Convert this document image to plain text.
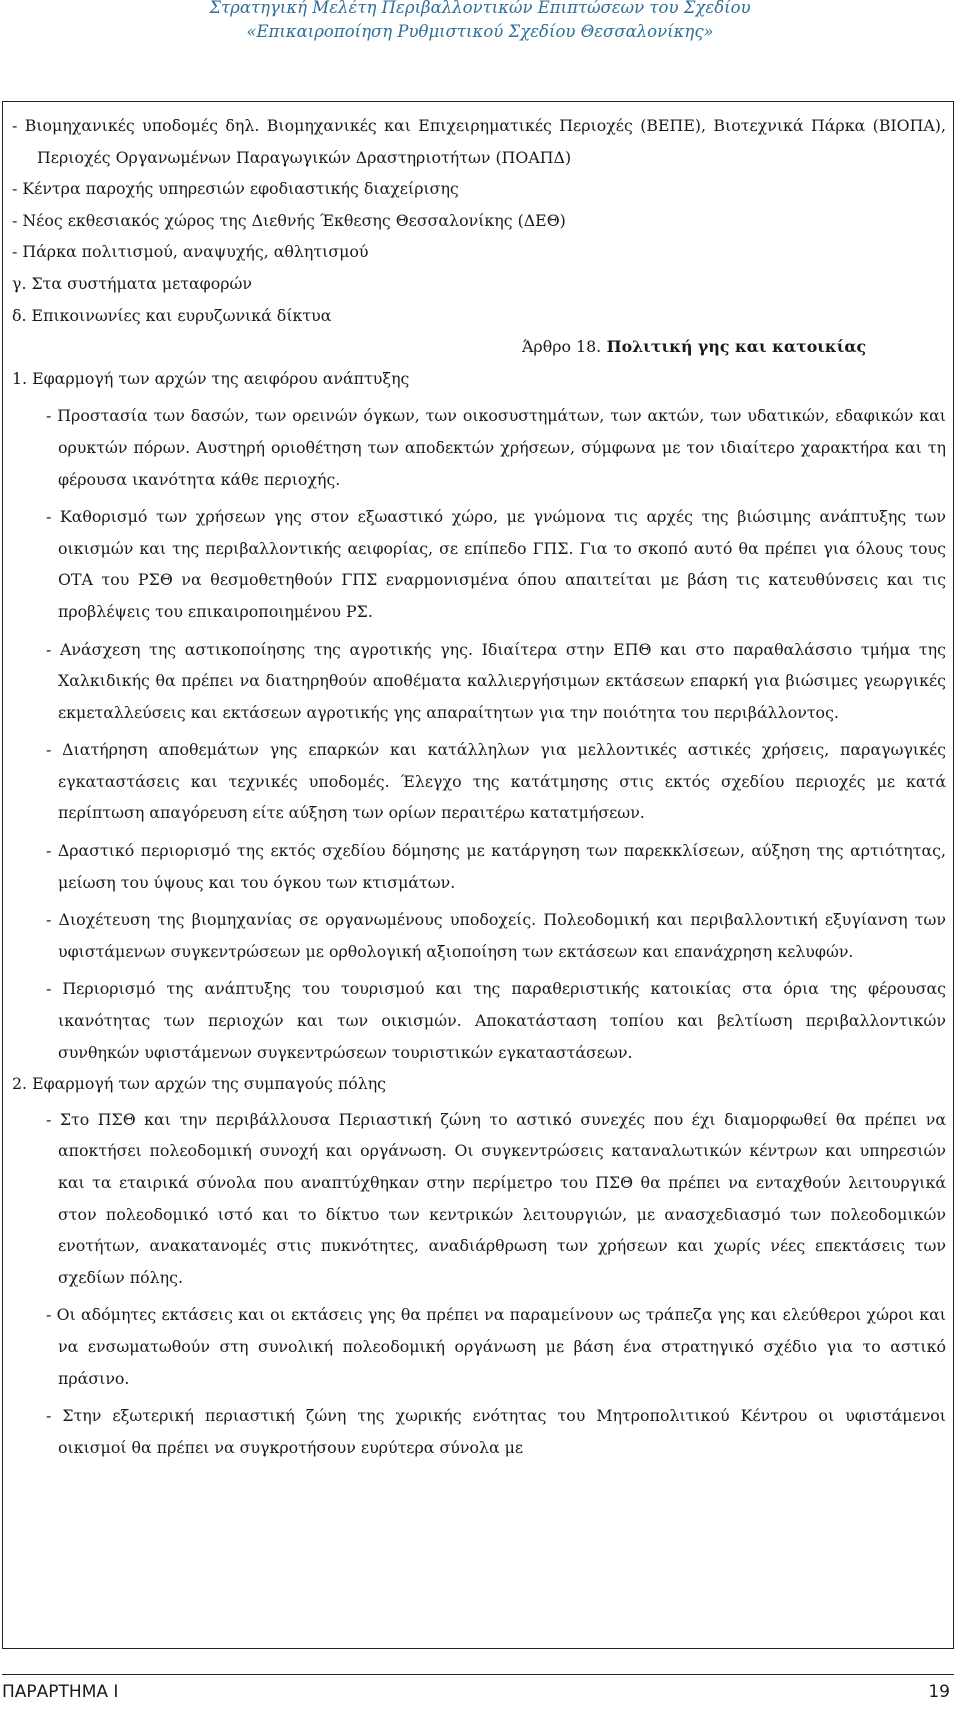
Στρατηγική Μελέτη Περιβαλλοντικών Επιπτώσεων του Σχεδίου
«Επικαιροποίηση Ρυθμιστικού Σχεδίου Θεσσαλονίκης»

- Βιομηχανικές υποδομές δηλ. Βιομηχανικές και Επιχειρηματικές Περιοχές (ΒΕΠΕ), Βιοτεχνικά Πάρκα (ΒΙΟΠΑ), Περιοχές Οργανωμένων Παραγωγικών Δραστηριοτήτων (ΠΟΑΠΔ)

- Κέντρα παροχής υπηρεσιών εφοδιαστικής διαχείρισης

- Νέος εκθεσιακός χώρος της Διεθνής Έκθεσης Θεσσαλονίκης (ΔΕΘ)

- Πάρκα πολιτισμού, αναψυχής, αθλητισμού

γ. Στα συστήματα μεταφορών

δ. Επικοινωνίες και ευρυζωνικά δίκτυα

Άρθρο 18. Πολιτική γης και κατοικίας

1. Εφαρμογή των αρχών της αειφόρου ανάπτυξης

- Προστασία των δασών, των ορεινών όγκων, των οικοσυστημάτων, των ακτών, των υδατικών, εδαφικών και ορυκτών πόρων. Αυστηρή οριοθέτηση των αποδεκτών χρήσεων, σύμφωνα με τον ιδιαίτερο χαρακτήρα και τη φέρουσα ικανότητα κάθε περιοχής.

- Καθορισμό των χρήσεων γης στον εξωαστικό χώρο, με γνώμονα τις αρχές της βιώσιμης ανάπτυξης των οικισμών και της περιβαλλοντικής αειφορίας, σε επίπεδο ΓΠΣ. Για το σκοπό αυτό θα πρέπει για όλους τους ΟΤΑ του ΡΣΘ να θεσμοθετηθούν ΓΠΣ εναρμονισμένα όπου απαιτείται με βάση τις κατευθύνσεις και τις προβλέψεις του επικαιροποιημένου ΡΣ.

- Ανάσχεση της αστικοποίησης της αγροτικής γης. Ιδιαίτερα στην ΕΠΘ και στο παραθαλάσσιο τμήμα της Χαλκιδικής θα πρέπει να διατηρηθούν αποθέματα καλλιεργήσιμων εκτάσεων επαρκή για βιώσιμες γεωργικές εκμεταλλεύσεις και εκτάσεων αγροτικής γης απαραίτητων για την ποιότητα του περιβάλλοντος.

- Διατήρηση αποθεμάτων γης επαρκών και κατάλληλων για μελλοντικές αστικές χρήσεις, παραγωγικές εγκαταστάσεις και τεχνικές υποδομές. Έλεγχο της κατάτμησης στις εκτός σχεδίου περιοχές με κατά περίπτωση απαγόρευση είτε αύξηση των ορίων περαιτέρω κατατμήσεων.

- Δραστικό περιορισμό της εκτός σχεδίου δόμησης με κατάργηση των παρεκκλίσεων, αύξηση της αρτιότητας, μείωση του ύψους και του όγκου των κτισμάτων.

- Διοχέτευση της βιομηχανίας σε οργανωμένους υποδοχείς. Πολεοδομική και περιβαλλοντική εξυγίανση των υφιστάμενων συγκεντρώσεων με ορθολογική αξιοποίηση των εκτάσεων και επανάχρηση κελυφών.

- Περιορισμό της ανάπτυξης του τουρισμού και της παραθεριστικής κατοικίας στα όρια της φέρουσας ικανότητας των περιοχών και των οικισμών. Αποκατάσταση τοπίου και βελτίωση περιβαλλοντικών συνθηκών υφιστάμενων συγκεντρώσεων τουριστικών εγκαταστάσεων.

2. Εφαρμογή των αρχών της συμπαγούς πόλης

- Στο ΠΣΘ και την περιβάλλουσα Περιαστική ζώνη το αστικό συνεχές που έχι διαμορφωθεί θα πρέπει να αποκτήσει πολεοδομική συνοχή και οργάνωση. Οι συγκεντρώσεις καταναλωτικών κέντρων και υπηρεσιών και τα εταιρικά σύνολα που αναπτύχθηκαν στην περίμετρο του ΠΣΘ θα πρέπει να ενταχθούν λειτουργικά στον πολεοδομικό ιστό και το δίκτυο των κεντρικών λειτουργιών, με ανασχεδιασμό των πολεοδομικών ενοτήτων, ανακατανομές στις πυκνότητες, αναδιάρθρωση των χρήσεων και χωρίς νέες επεκτάσεις των σχεδίων πόλης.

- Οι αδόμητες εκτάσεις και οι εκτάσεις γης θα πρέπει να παραμείνουν ως τράπεζα γης και ελεύθεροι χώροι και να ενσωματωθούν στη συνολική πολεοδομική οργάνωση με βάση ένα στρατηγικό σχέδιο για το αστικό πράσινο.

- Στην εξωτερική περιαστική ζώνη της χωρικής ενότητας του Μητροπολιτικού Κέντρου οι υφιστάμενοι οικισμοί θα πρέπει να συγκροτήσουν ευρύτερα σύνολα με

ΠΑΡΑΡΤΗΜΑ Ι	19
